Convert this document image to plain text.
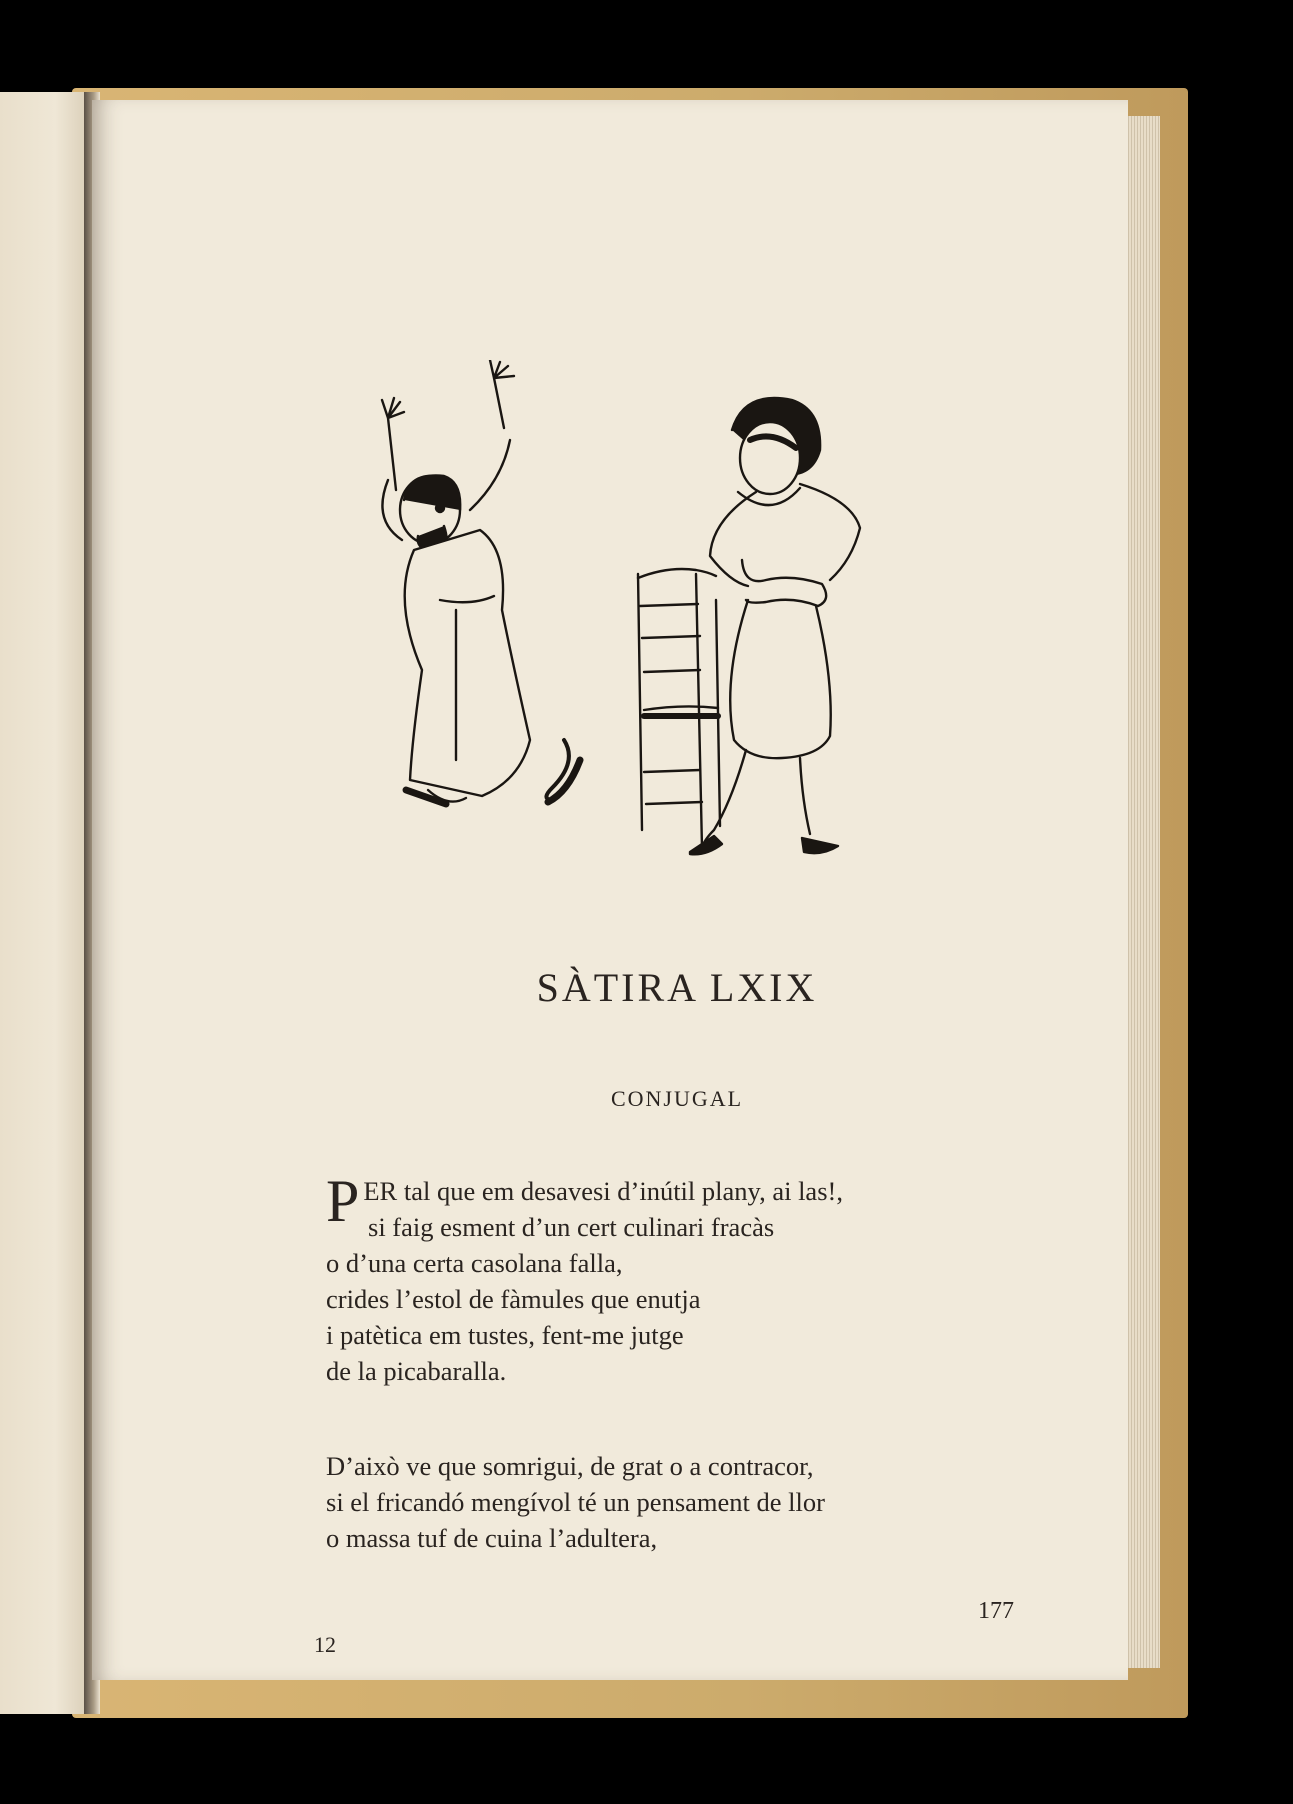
SÀTIRA LXIX
CONJUGAL
P ER tal que em desavesi d’inútil plany, ai las!,
si faig esment d’un cert culinari fracàs
o d’una certa casolana falla,
crides l’estol de fàmules que enutja
i patètica em tustes, fent-me jutge
de la picabaralla.
D’això ve que somrigui, de grat o a contracor,
si el fricandó mengívol té un pensament de llor
o massa tuf de cuina l’adultera,
177
12
